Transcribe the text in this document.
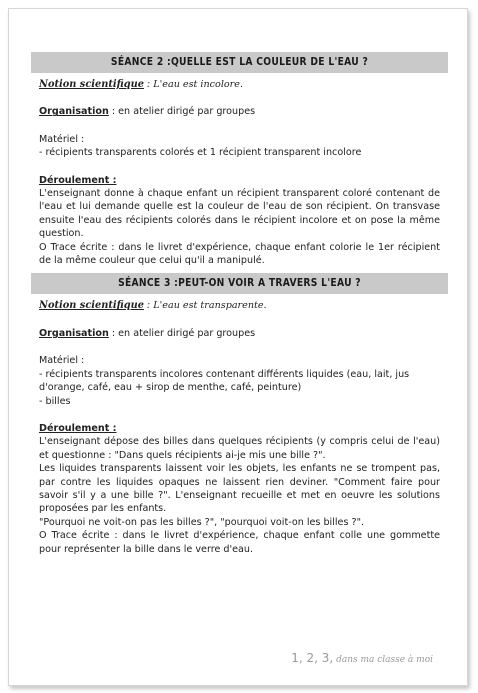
SÉANCE 2 :QUELLE EST LA COULEUR DE L'EAU ?
Notion scientifique : L'eau est incolore.

Organisation : en atelier dirigé par groupes

Matériel :

- récipients transparents colorés et 1 récipient transparent incolore

Déroulement :

L'enseignant donne à chaque enfant un récipient transparent coloré contenant de l'eau et lui demande quelle est la couleur de l'eau de son récipient. On transvase ensuite l'eau des récipients colorés dans le récipient incolore et on pose la même question.

O Trace écrite : dans le livret d'expérience, chaque enfant colorie le 1er récipient de la même couleur que celui qu'il a manipulé.

SÉANCE 3 :PEUT-ON VOIR A TRAVERS L'EAU ?
Notion scientifique : L'eau est transparente.

Organisation : en atelier dirigé par groupes

Matériel :

- récipients transparents incolores contenant différents liquides (eau, lait, jus d'orange, café, eau + sirop de menthe, café, peinture)

- billes

Déroulement :

L'enseignant dépose des billes dans quelques récipients (y compris celui de l'eau) et questionne : "Dans quels récipients ai-je mis une bille ?".

Les liquides transparents laissent voir les objets, les enfants ne se trompent pas, par contre les liquides opaques ne laissent rien deviner. "Comment faire pour savoir s'il y a une bille ?". L'enseignant recueille et met en oeuvre les solutions proposées par les enfants.

"Pourquoi ne voit-on pas les billes ?", "pourquoi voit-on les billes ?".

O Trace écrite : dans le livret d'expérience, chaque enfant colle une gommette pour représenter la bille dans le verre d'eau.

1, 2, 3, dans ma classe à moi
